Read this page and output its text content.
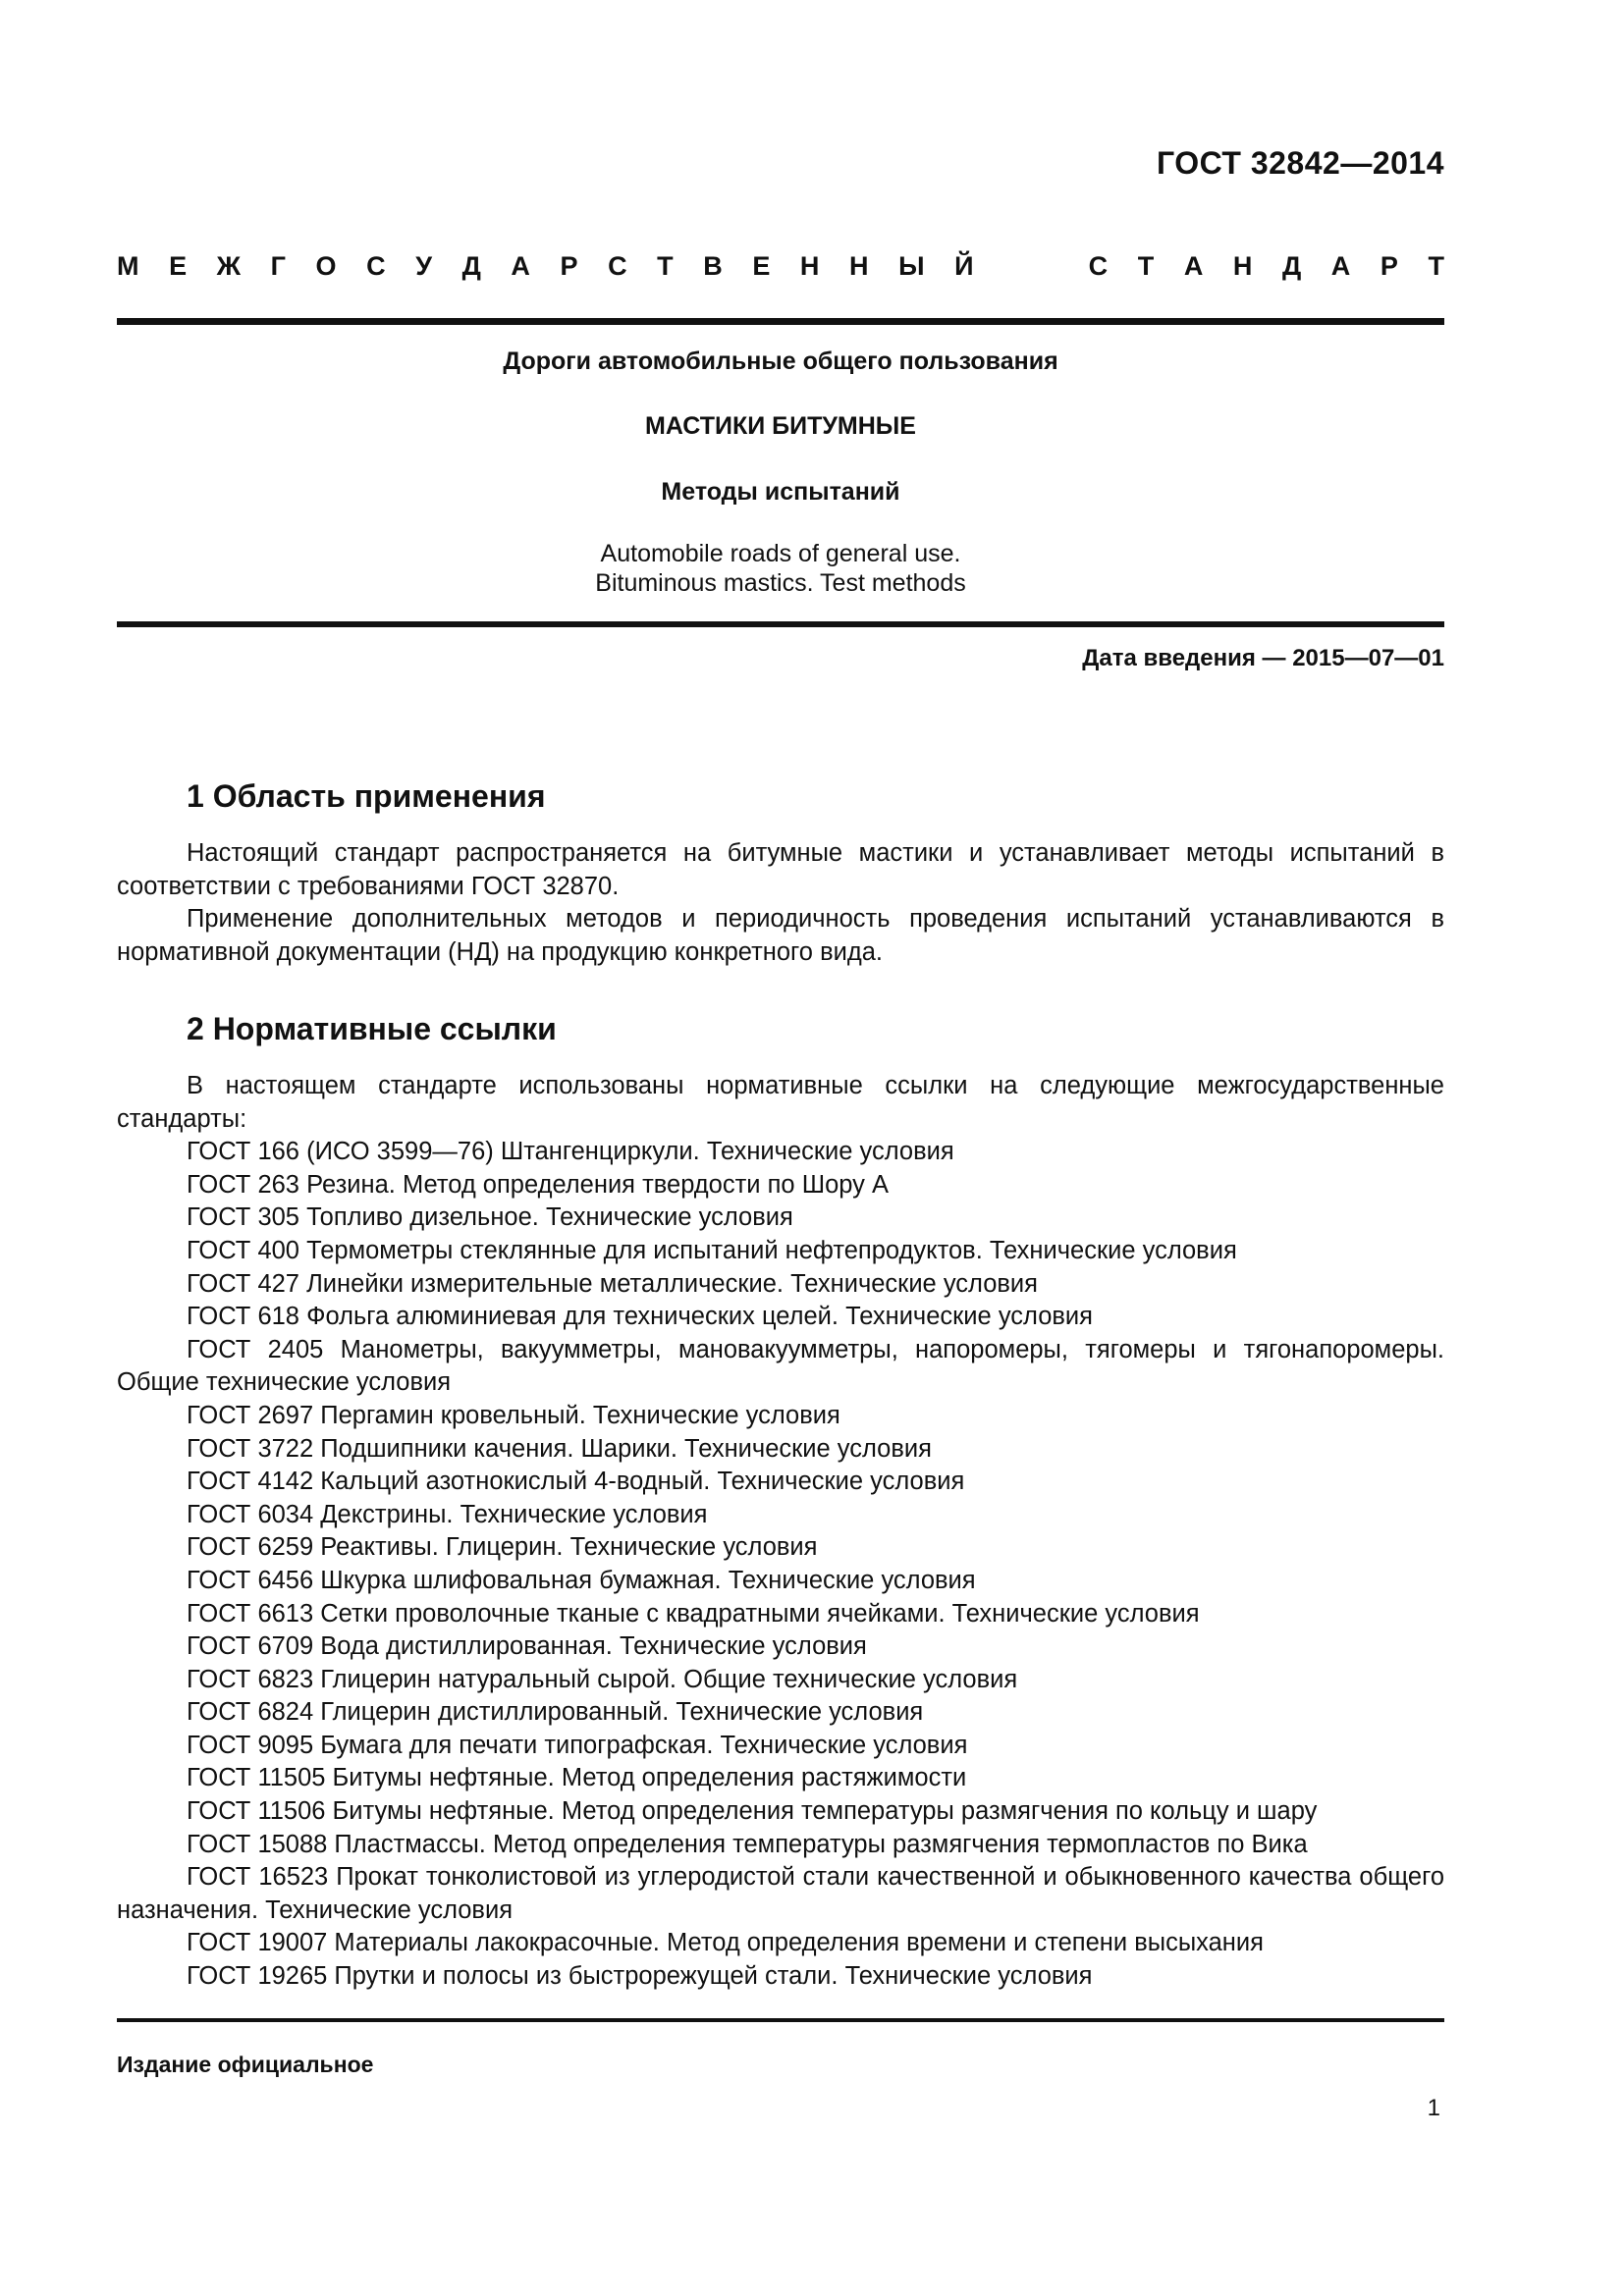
ГОСТ 32842—2014
М Е Ж Г О С У Д А Р С Т В Е Н Н Ы Й	С Т А Н Д А Р Т
Дороги автомобильные общего пользования
МАСТИКИ БИТУМНЫЕ
Методы испытаний
Automobile roads of general use.
Bituminous mastics. Test methods
Дата введения — 2015—07—01
1 Область применения

Настоящий стандарт распространяется на битумные мастики и устанавливает методы испытаний в соответствии с требованиями ГОСТ 32870.

Применение дополнительных методов и периодичность проведения испытаний устанавливаются в нормативной документации (НД) на продукцию конкретного вида.

2 Нормативные ссылки

В настоящем стандарте использованы нормативные ссылки на следующие межгосударственные стандарты:

ГОСТ 166 (ИСО 3599—76) Штангенциркули. Технические условия

ГОСТ 263 Резина. Метод определения твердости по Шору А

ГОСТ 305 Топливо дизельное. Технические условия

ГОСТ 400 Термометры стеклянные для испытаний нефтепродуктов. Технические условия

ГОСТ 427 Линейки измерительные металлические. Технические условия

ГОСТ 618 Фольга алюминиевая для технических целей. Технические условия

ГОСТ 2405 Манометры, вакуумметры, мановакуумметры, напоромеры, тягомеры и тягонапоромеры. Общие технические условия

ГОСТ 2697 Пергамин кровельный. Технические условия

ГОСТ 3722 Подшипники качения. Шарики. Технические условия

ГОСТ 4142 Кальций азотнокислый 4-водный. Технические условия

ГОСТ 6034 Декстрины. Технические условия

ГОСТ 6259 Реактивы. Глицерин. Технические условия

ГОСТ 6456 Шкурка шлифовальная бумажная. Технические условия

ГОСТ 6613 Сетки проволочные тканые с квадратными ячейками. Технические условия

ГОСТ 6709 Вода дистиллированная. Технические условия

ГОСТ 6823 Глицерин натуральный сырой. Общие технические условия

ГОСТ 6824 Глицерин дистиллированный. Технические условия

ГОСТ 9095 Бумага для печати типографская. Технические условия

ГОСТ 11505 Битумы нефтяные. Метод определения растяжимости

ГОСТ 11506 Битумы нефтяные. Метод определения температуры размягчения по кольцу и шару

ГОСТ 15088 Пластмассы. Метод определения температуры размягчения термопластов по Вика

ГОСТ 16523 Прокат тонколистовой из углеродистой стали качественной и обыкновенного качества общего назначения. Технические условия

ГОСТ 19007 Материалы лакокрасочные. Метод определения времени и степени высыхания

ГОСТ 19265 Прутки и полосы из быстрорежущей стали. Технические условия

Издание официальное
1
